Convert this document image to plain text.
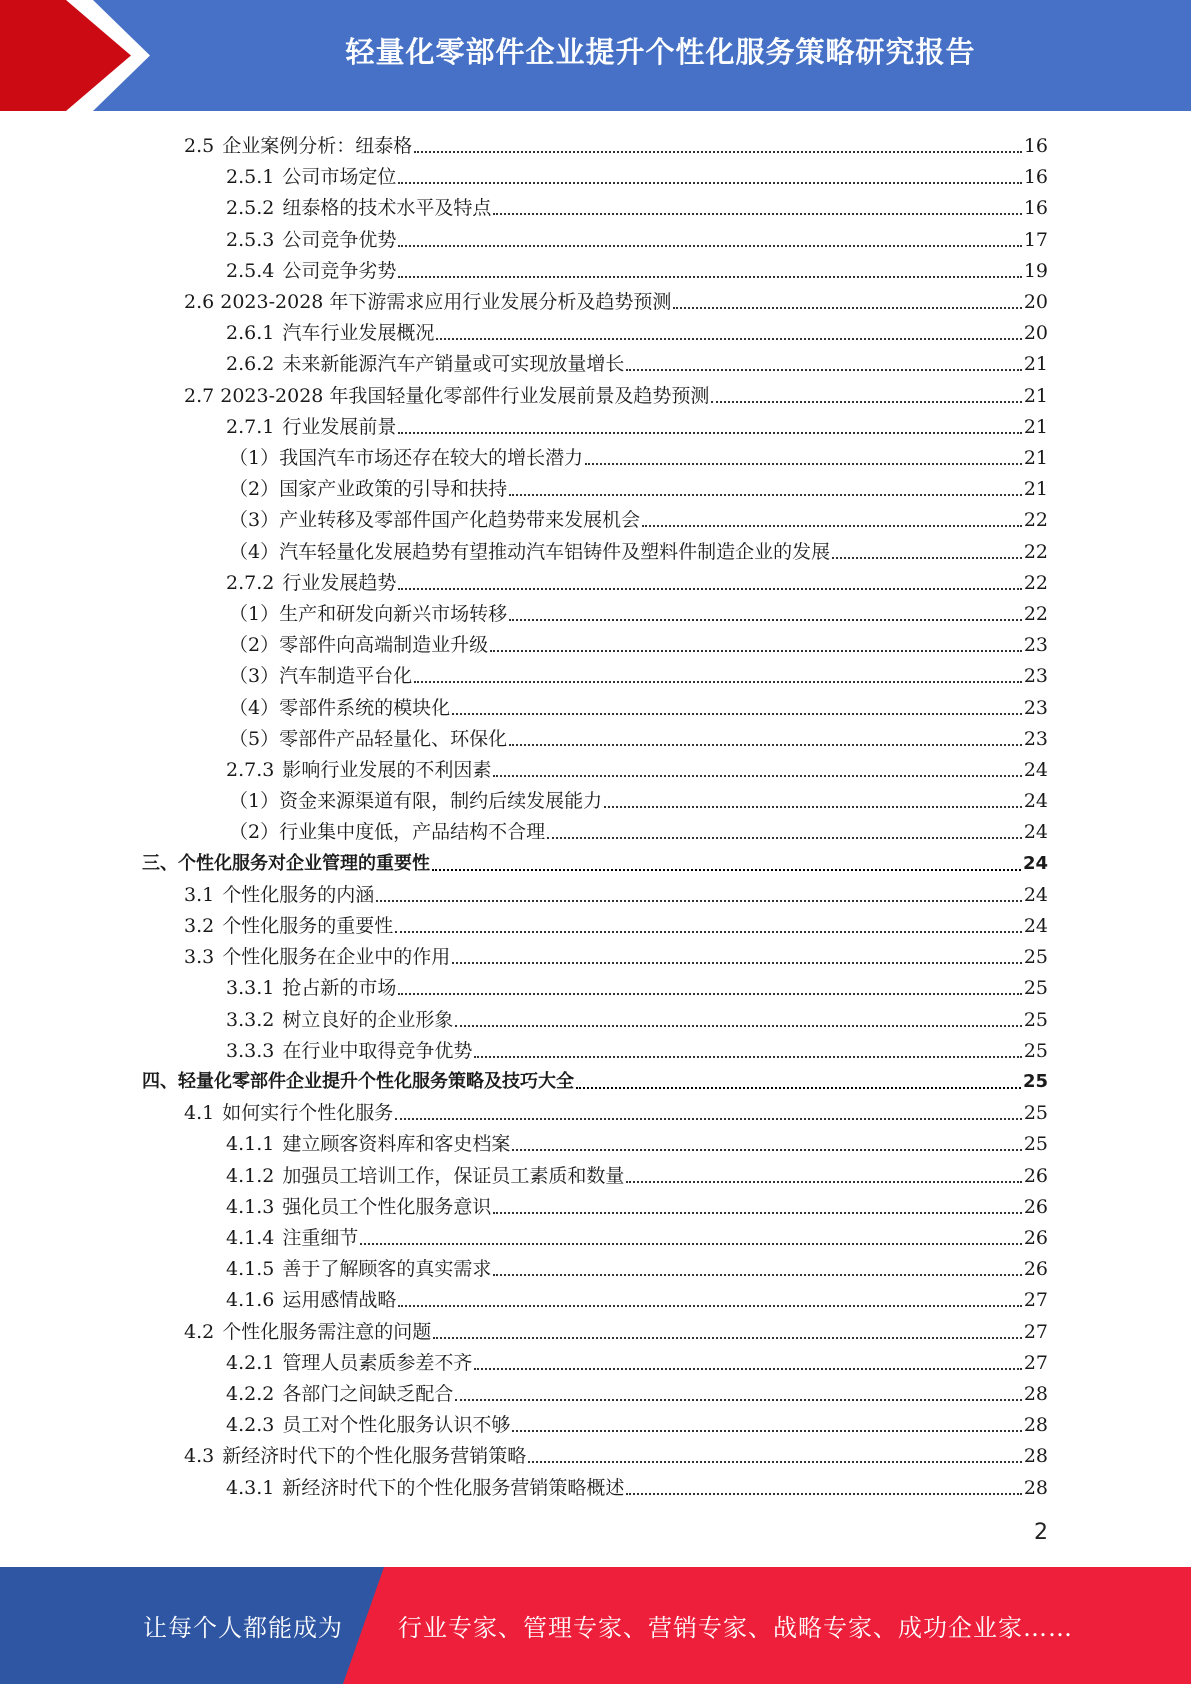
轻量化零部件企业提升个性化服务策略研究报告
2.5 企业案例分析：纽泰格	16
2.5.1 公司市场定位	16
2.5.2 纽泰格的技术水平及特点	16
2.5.3 公司竞争优势	17
2.5.4 公司竞争劣势	19
2.6 2023-2028 年下游需求应用行业发展分析及趋势预测	20
2.6.1 汽车行业发展概况	20
2.6.2 未来新能源汽车产销量或可实现放量增长	21
2.7 2023-2028 年我国轻量化零部件行业发展前景及趋势预测	21
2.7.1 行业发展前景	21
（1）我国汽车市场还存在较大的增长潜力	21
（2）国家产业政策的引导和扶持	21
（3）产业转移及零部件国产化趋势带来发展机会	22
（4）汽车轻量化发展趋势有望推动汽车铝铸件及塑料件制造企业的发展	22
2.7.2 行业发展趋势	22
（1）生产和研发向新兴市场转移	22
（2）零部件向高端制造业升级	23
（3）汽车制造平台化	23
（4）零部件系统的模块化	23
（5）零部件产品轻量化、环保化	23
2.7.3 影响行业发展的不利因素	24
（1）资金来源渠道有限，制约后续发展能力	24
（2）行业集中度低，产品结构不合理	24
三、个性化服务对企业管理的重要性	24
3.1 个性化服务的内涵	24
3.2 个性化服务的重要性	24
3.3 个性化服务在企业中的作用	25
3.3.1 抢占新的市场	25
3.3.2 树立良好的企业形象	25
3.3.3 在行业中取得竞争优势	25
四、轻量化零部件企业提升个性化服务策略及技巧大全	25
4.1 如何实行个性化服务	25
4.1.1 建立顾客资料库和客史档案	25
4.1.2 加强员工培训工作，保证员工素质和数量	26
4.1.3 强化员工个性化服务意识	26
4.1.4 注重细节	26
4.1.5 善于了解顾客的真实需求	26
4.1.6 运用感情战略	27
4.2 个性化服务需注意的问题	27
4.2.1 管理人员素质参差不齐	27
4.2.2 各部门之间缺乏配合	28
4.2.3 员工对个性化服务认识不够	28
4.3 新经济时代下的个性化服务营销策略	28
4.3.1 新经济时代下的个性化服务营销策略概述	28
2
让每个人都能成为 行业专家、管理专家、营销专家、战略专家、成功企业家……
